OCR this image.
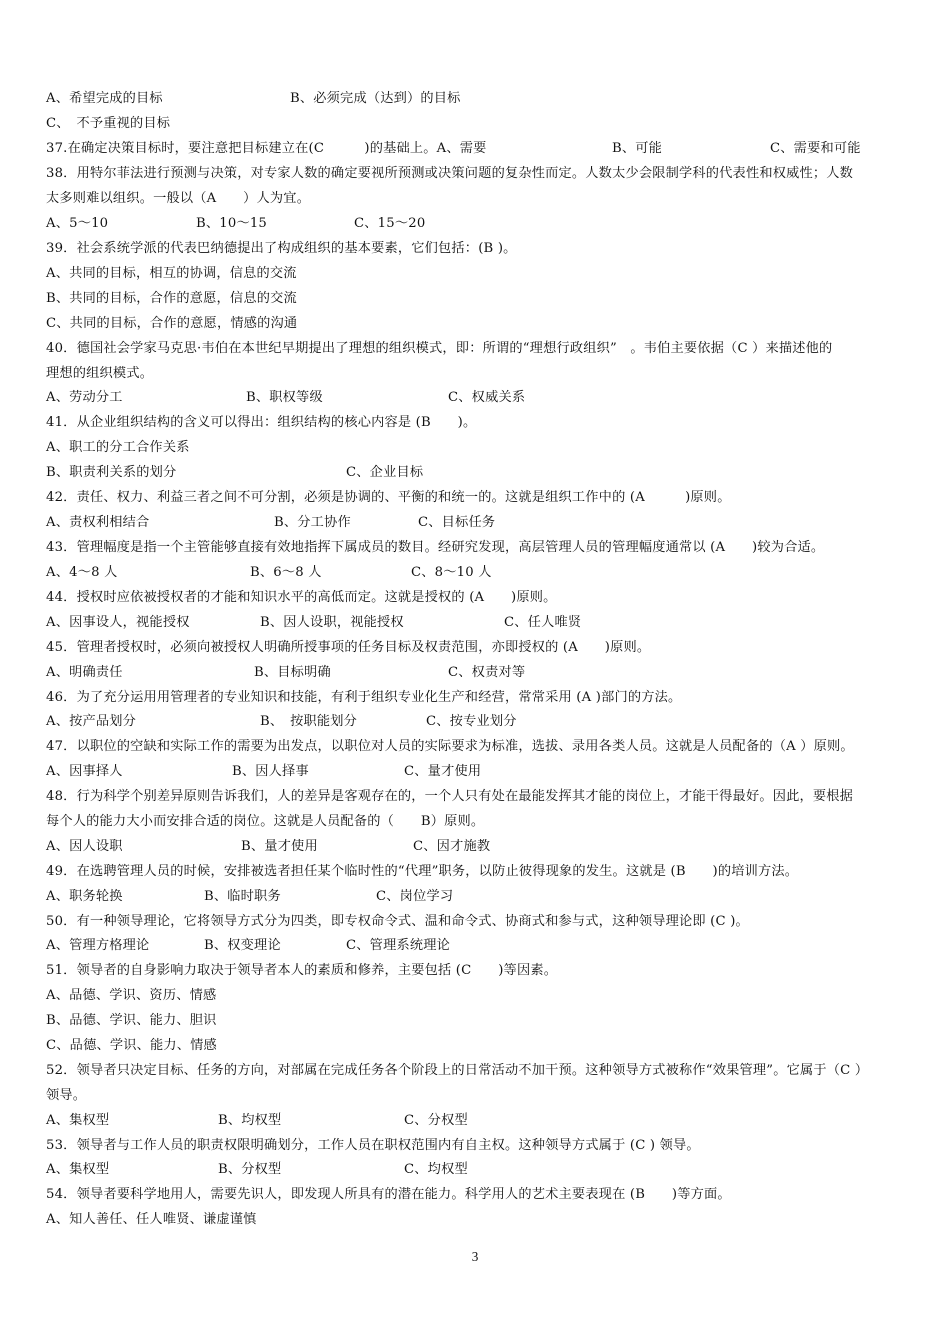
A、希望完成的目标	B、必须完成（达到）的目标
C、　不予重视的目标
37.在确定决策目标时，要注意把目标建立在(C　　　)的基础上。A、需要	B、可能	C、需要和可能
38．用特尔菲法进行预测与决策，对专家人数的确定要视所预测或决策问题的复杂性而定。人数太少会限制学科的代表性和权威性；人数
太多则难以组织。一般以（A　　）人为宜。
A、5～10	B、10～15	C、15～20
39．社会系统学派的代表巴纳德提出了构成组织的基本要素，它们包括：(B )。
A、共同的目标，相互的协调，信息的交流
B、共同的目标，合作的意愿，信息的交流
C、共同的目标，合作的意愿，情感的沟通
40．德国社会学家马克思·韦伯在本世纪早期提出了理想的组织模式，即：所谓的“理想行政组织”　。韦伯主要依据（C ）来描述他的
理想的组织模式。
A、劳动分工	B、职权等级	C、权威关系
41．从企业组织结构的含义可以得出：组织结构的核心内容是 (B　　)。
A、职工的分工合作关系
B、职责利关系的划分	C、企业目标
42．责任、权力、利益三者之间不可分割，必须是协调的、平衡的和统一的。这就是组织工作中的 (A　　　)原则。
A、责权利相结合	B、分工协作	C、目标任务
43．管理幅度是指一个主管能够直接有效地指挥下属成员的数目。经研究发现，高层管理人员的管理幅度通常以 (A　　)较为合适。
A、4～8 人	B、6～8 人	C、8～10 人
44．授权时应依被授权者的才能和知识水平的高低而定。这就是授权的 (A　　)原则。
A、因事设人，视能授权	B、因人设职，视能授权	C、任人唯贤
45．管理者授权时，必须向被授权人明确所授事项的任务目标及权责范围，亦即授权的 (A　　)原则。
A、明确责任	B、目标明确	C、权责对等
46．为了充分运用用管理者的专业知识和技能，有利于组织专业化生产和经营，常常采用 (A )部门的方法。
A、按产品划分	B、　按职能划分	C、按专业划分
47．以职位的空缺和实际工作的需要为出发点，以职位对人员的实际要求为标准，选拔、录用各类人员。这就是人员配备的（A ）原则。
A、因事择人	B、因人择事	C、量才使用
48．行为科学个别差异原则告诉我们，人的差异是客观存在的，一个人只有处在最能发挥其才能的岗位上，才能干得最好。因此，要根据
每个人的能力大小而安排合适的岗位。这就是人员配备的（　　B）原则。
A、因人设职	B、量才使用	C、因才施教
49．在选聘管理人员的时候，安排被选者担任某个临时性的“代理”职务，以防止彼得现象的发生。这就是 (B　　)的培训方法。
A、职务轮换	B、临时职务	C、岗位学习
50．有一种领导理论，它将领导方式分为四类，即专权命令式、温和命令式、协商式和参与式，这种领导理论即 (C )。
A、管理方格理论	B、权变理论	C、管理系统理论
51．领导者的自身影响力取决于领导者本人的素质和修养，主要包括 (C　　)等因素。
A、品德、学识、资历、情感
B、品德、学识、能力、胆识
C、品德、学识、能力、情感
52．领导者只决定目标、任务的方向，对部属在完成任务各个阶段上的日常活动不加干预。这种领导方式被称作“效果管理”。它属于（C ）
领导。
A、集权型	B、均权型	C、分权型
53．领导者与工作人员的职责权限明确划分，工作人员在职权范围内有自主权。这种领导方式属于 (C ) 领导。
A、集权型	B、分权型	C、均权型
54．领导者要科学地用人，需要先识人，即发现人所具有的潜在能力。科学用人的艺术主要表现在 (B　　)等方面。
A、知人善任、任人唯贤、谦虚谨慎
3
